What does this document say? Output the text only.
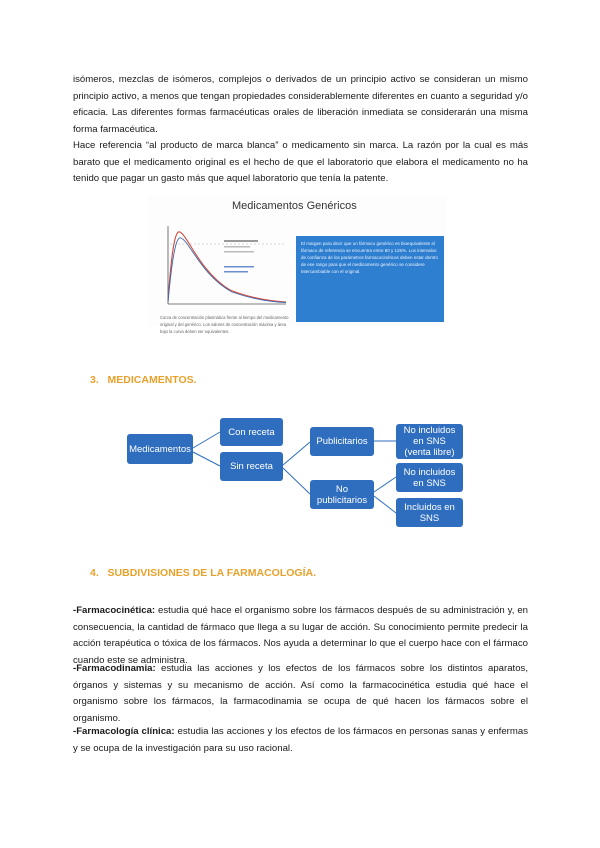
isómeros, mezclas de isómeros, complejos o derivados de un principio activo se consideran un mismo principio activo, a menos que tengan propiedades considerablemente diferentes en cuanto a seguridad y/o eficacia. Las diferentes formas farmacéuticas orales de liberación inmediata se considerarán una misma forma farmacéutica.

Hace referencia “al producto de marca blanca” o medicamento sin marca. La razón por la cual es más barato que el medicamento original es el hecho de que el laboratorio que elabora el medicamento no ha tenido que pagar un gasto más que aquel laboratorio que tenía la patente.

Medicamentos Genéricos
El margen para decir que un fármaco genérico es bioequivalente al fármaco de referencia se encuentra entre 80 y 125%. Los intervalos de confianza de los parámetros farmacocinéticos deben estar dentro de ese rango para que el medicamento genérico se considere intercambiable con el original.
Curva de concentración plasmática frente al tiempo del medicamento original y del genérico. Los valores de concentración máxima y área bajo la curva deben ser equivalentes.

3. MEDICAMENTOS.

Medicamentos
Con receta
Sin receta
Publicitarios
No publicitarios
No incluidos en SNS (venta libre)
No incluidos en SNS
Incluidos en SNS

4. SUBDIVISIONES DE LA FARMACOLOGÍA.

-Farmacocinética: estudia qué hace el organismo sobre los fármacos después de su administración y, en consecuencia, la cantidad de fármaco que llega a su lugar de acción. Su conocimiento permite predecir la acción terapéutica o tóxica de los fármacos. Nos ayuda a determinar lo que el cuerpo hace con el fármaco cuando este se administra.

-Farmacodinamia: estudia las acciones y los efectos de los fármacos sobre los distintos aparatos, órganos y sistemas y su mecanismo de acción. Así como la farmacocinética estudia qué hace el organismo sobre los fármacos, la farmacodinamia se ocupa de qué hacen los fármacos sobre el organismo.

-Farmacología clínica: estudia las acciones y los efectos de los fármacos en personas sanas y enfermas y se ocupa de la investigación para su uso racional.
